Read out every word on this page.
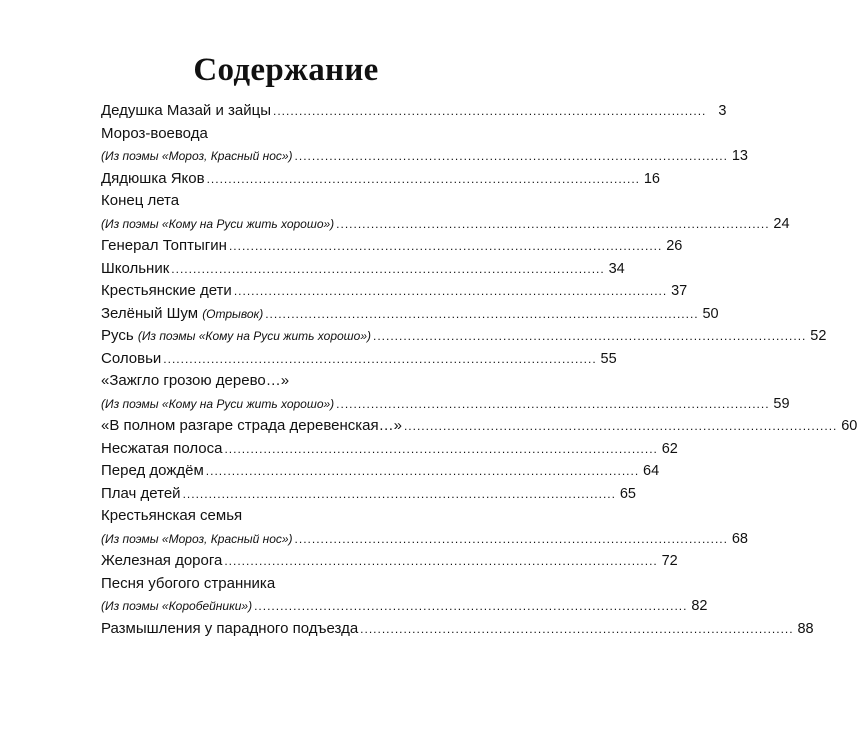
Содержание
Дедушка Мазай и зайцы .................................................................................................... 3
Мороз-воевода
(Из поэмы «Мороз, Красный нос») .................................................................................................... 13
Дядюшка Яков .................................................................................................... 16
Конец лета
(Из поэмы «Кому на Руси жить хорошо») .................................................................................................... 24
Генерал Топтыгин .................................................................................................... 26
Школьник .................................................................................................... 34
Крестьянские дети .................................................................................................... 37
Зелёный Шум
(Отрывок) .................................................................................................... 50
Русь
(Из поэмы «Кому на Руси жить хорошо») .................................................................................................... 52
Соловьи .................................................................................................... 55
«Зажгло грозою дерево…»
(Из поэмы «Кому на Руси жить хорошо») .................................................................................................... 59
«В полном разгаре страда деревенская…» .................................................................................................... 60
Несжатая полоса .................................................................................................... 62
Перед дождём .................................................................................................... 64
Плач детей .................................................................................................... 65
Крестьянская семья
(Из поэмы «Мороз, Красный нос») .................................................................................................... 68
Железная дорога .................................................................................................... 72
Песня убогого странника
(Из поэмы «Коробейники») .................................................................................................... 82
Размышления у парадного подъезда .................................................................................................... 88
